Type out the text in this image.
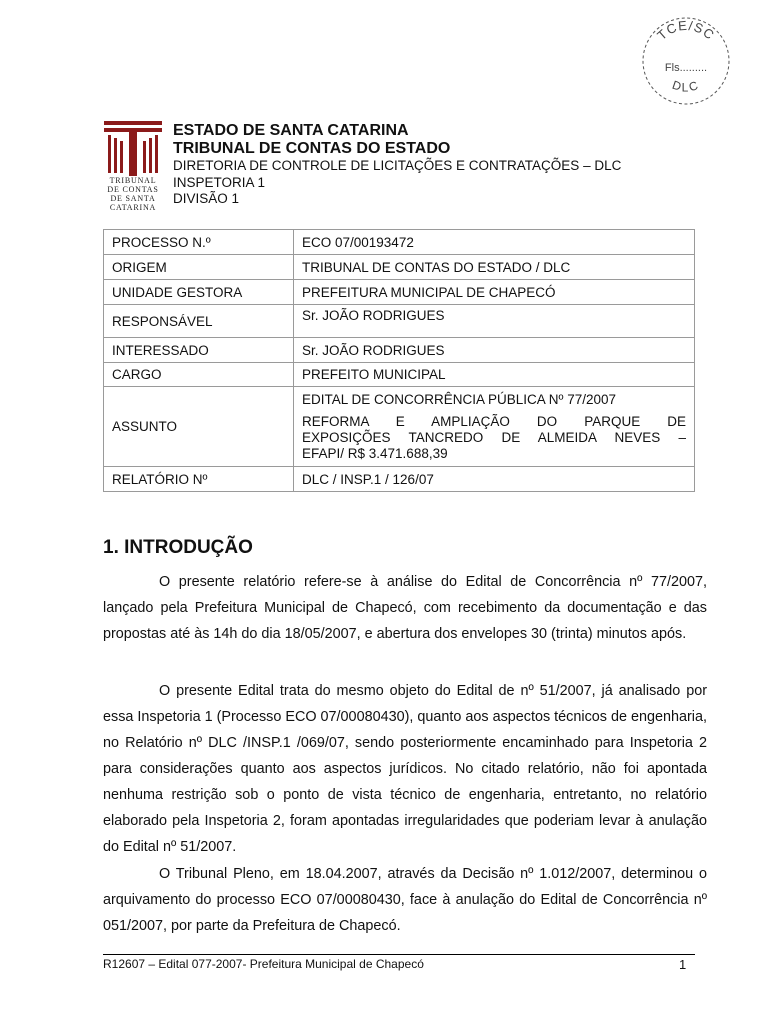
TCE/SC
Fls.........
DLC
TRIBUNAL
DE CONTAS
DE SANTA
CATARINA
ESTADO DE SANTA CATARINA
TRIBUNAL DE CONTAS DO ESTADO
DIRETORIA DE CONTROLE DE LICITAÇÕES E CONTRATAÇÕES – DLC
INSPETORIA 1
DIVISÃO 1
PROCESSO N.º	ECO 07/00193472
ORIGEM	TRIBUNAL DE CONTAS DO ESTADO / DLC
UNIDADE GESTORA	PREFEITURA MUNICIPAL DE CHAPECÓ
RESPONSÁVEL	Sr. JOÃO RODRIGUES
INTERESSADO	Sr. JOÃO RODRIGUES
CARGO	PREFEITO MUNICIPAL
ASSUNTO	EDITAL DE CONCORRÊNCIA PÚBLICA Nº 77/2007
REFORMA E AMPLIAÇÃO DO PARQUE DE
EXPOSIÇÕES TANCREDO DE ALMEIDA NEVES –
EFAPI/ R$ 3.471.688,39

RELATÓRIO Nº	DLC / INSP.1 / 126/07
1. INTRODUÇÃO

O presente relatório refere-se à análise do Edital de Concorrência nº 77/2007, lançado pela Prefeitura Municipal de Chapecó, com recebimento da documentação e das propostas até às 14h do dia 18/05/2007, e abertura dos envelopes 30 (trinta) minutos após.

O presente Edital trata do mesmo objeto do Edital de nº 51/2007, já analisado por essa Inspetoria 1 (Processo ECO 07/00080430), quanto aos aspectos técnicos de engenharia, no Relatório nº DLC /INSP.1 /069/07, sendo posteriormente encaminhado para Inspetoria 2 para considerações quanto aos aspectos jurídicos. No citado relatório, não foi apontada nenhuma restrição sob o ponto de vista técnico de engenharia, entretanto, no relatório elaborado pela Inspetoria 2, foram apontadas irregularidades que poderiam levar à anulação do Edital nº 51/2007.

O Tribunal Pleno, em 18.04.2007, através da Decisão nº 1.012/2007, determinou o arquivamento do processo ECO 07/00080430, face à anulação do Edital de Concorrência nº 051/2007, por parte da Prefeitura de Chapecó.

R12607 – Edital 077-2007- Prefeitura Municipal de Chapecó	1
